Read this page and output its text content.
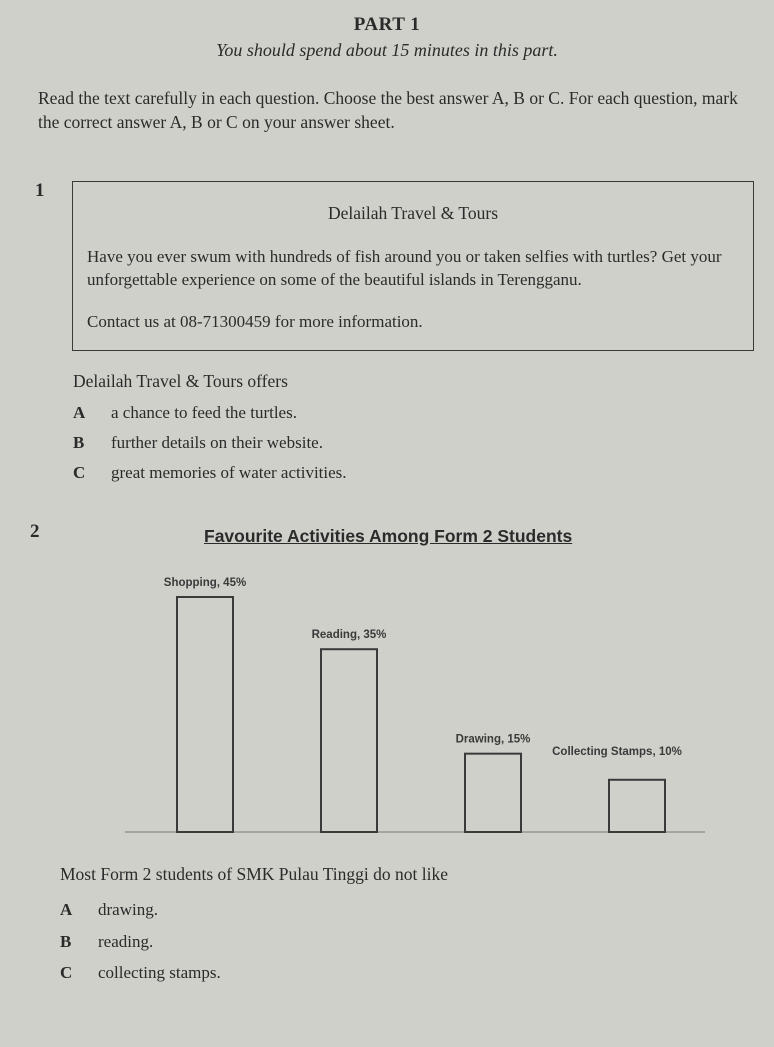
PART 1
You should spend about 15 minutes in this part.
Read the text carefully in each question. Choose the best answer A, B or C. For each question, mark the correct answer A, B or C on your answer sheet.
1
Delailah Travel & Tours
Have you ever swum with hundreds of fish around you or taken selfies with turtles? Get your unforgettable experience on some of the beautiful islands in Terengganu.
Contact us at 08-71300459 for more information.
Delailah Travel & Tours offers
A a chance to feed the turtles.
B further details on their website.
C great memories of water activities.
2	Favourite Activities Among Form 2 Students
Shopping, 45%
Reading, 35%
Drawing, 15%
Collecting Stamps, 10%
Most Form 2 students of SMK Pulau Tinggi do not like
A drawing.
B reading.
C collecting stamps.
